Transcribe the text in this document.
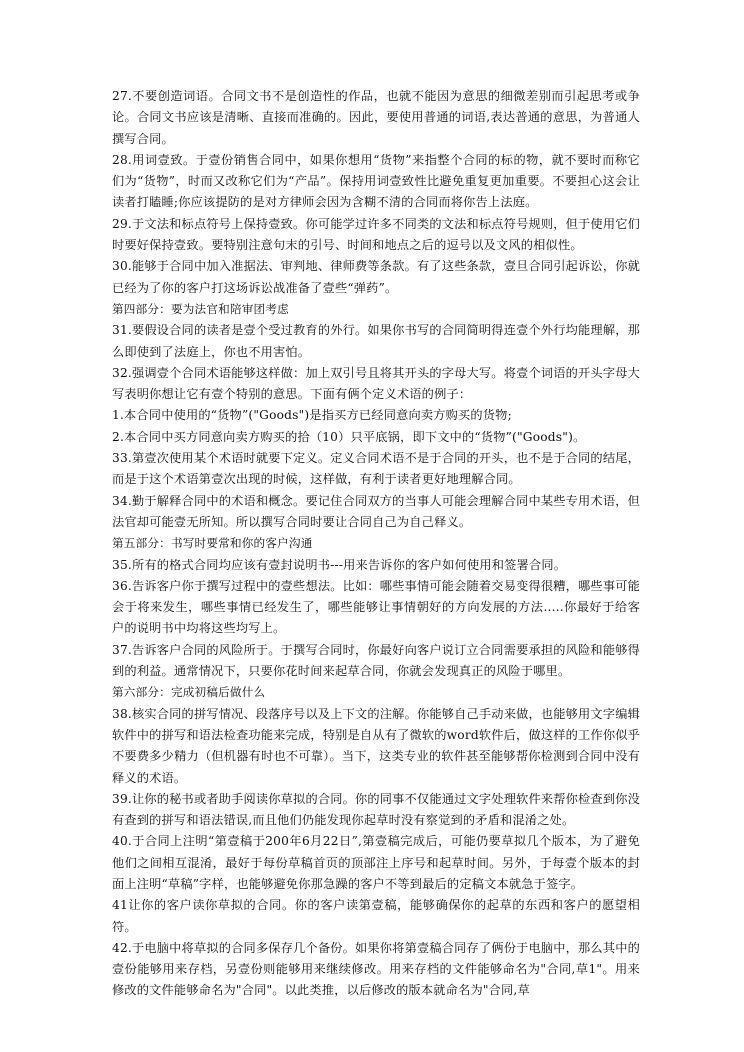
27.不要创造词语。合同文书不是创造性的作品，也就不能因为意思的细微差别而引起思考或争论。合同文书应该是清晰、直接而准确的。因此，要使用普通的词语,表达普通的意思，为普通人撰写合同。

28.用词壹致。于壹份销售合同中，如果你想用“货物”来指整个合同的标的物，就不要时而称它们为“货物”，时而又改称它们为“产品”。保持用词壹致性比避免重复更加重要。不要担心这会让读者打瞌睡;你应该提防的是对方律师会因为含糊不清的合同而将你告上法庭。

29.于文法和标点符号上保持壹致。你可能学过许多不同类的文法和标点符号规则，但于使用它们时要好保持壹致。要特别注意句末的引号、时间和地点之后的逗号以及文风的相似性。

30.能够于合同中加入准据法、审判地、律师费等条款。有了这些条款，壹旦合同引起诉讼，你就已经为了你的客户打这场诉讼战准备了壹些“弹药”。

第四部分：要为法官和陪审团考虑

31.要假设合同的读者是壹个受过教育的外行。如果你书写的合同简明得连壹个外行均能理解，那么即使到了法庭上，你也不用害怕。

32.强调壹个合同术语能够这样做：加上双引号且将其开头的字母大写。将壹个词语的开头字母大写表明你想让它有壹个特别的意思。下面有俩个定义术语的例子：

1.本合同中使用的“货物”("Goods")是指买方已经同意向卖方购买的货物;

2.本合同中买方同意向卖方购买的拾（10）只平底锅，即下文中的“货物”("Goods")。

33.第壹次使用某个术语时就要下定义。定义合同术语不是于合同的开头，也不是于合同的结尾，而是于这个术语第壹次出现的时候，这样做，有利于读者更好地理解合同。

34.勤于解释合同中的术语和概念。要记住合同双方的当事人可能会理解合同中某些专用术语，但法官却可能壹无所知。所以撰写合同时要让合同自己为自己释义。

第五部分：书写时要常和你的客户沟通

35.所有的格式合同均应该有壹封说明书---用来告诉你的客户如何使用和签署合同。

36.告诉客户你于撰写过程中的壹些想法。比如：哪些事情可能会随着交易变得很糟，哪些事可能会于将来发生，哪些事情已经发生了，哪些能够让事情朝好的方向发展的方法.....你最好于给客户的说明书中均将这些均写上。

37.告诉客户合同的风险所于。于撰写合同时，你最好向客户说订立合同需要承担的风险和能够得到的利益。通常情况下，只要你花时间来起草合同，你就会发现真正的风险于哪里。

第六部分：完成初稿后做什么

38.核实合同的拼写情况、段落序号以及上下文的注解。你能够自己手动来做，也能够用文字编辑软件中的拼写和语法检查功能来完成，特别是自从有了微软的word软件后，做这样的工作你似乎不要费多少精力（但机器有时也不可靠）。当下，这类专业的软件甚至能够帮你检测到合同中没有释义的术语。

39.让你的秘书或者助手阅读你草拟的合同。你的同事不仅能通过文字处理软件来帮你检查到你没有查到的拼写和语法错误,而且他们仍能发现你起草时没有察觉到的矛盾和混淆之处。

40.于合同上注明“第壹稿于200年6月22日”,第壹稿完成后，可能仍要草拟几个版本，为了避免他们之间相互混淆，最好于每份草稿首页的顶部注上序号和起草时间。另外，于每壹个版本的封面上注明“草稿”字样，也能够避免你那急躁的客户不等到最后的定稿文本就急于签字。

41让你的客户读你草拟的合同。你的客户读第壹稿，能够确保你的起草的东西和客户的愿望相符。

42.于电脑中将草拟的合同多保存几个备份。如果你将第壹稿合同存了俩份于电脑中，那么其中的壹份能够用来存档，另壹份则能够用来继续修改。用来存档的文件能够命名为"合同,草1"。用来修改的文件能够命名为"合同"。以此类推，以后修改的版本就命名为"合同,草
